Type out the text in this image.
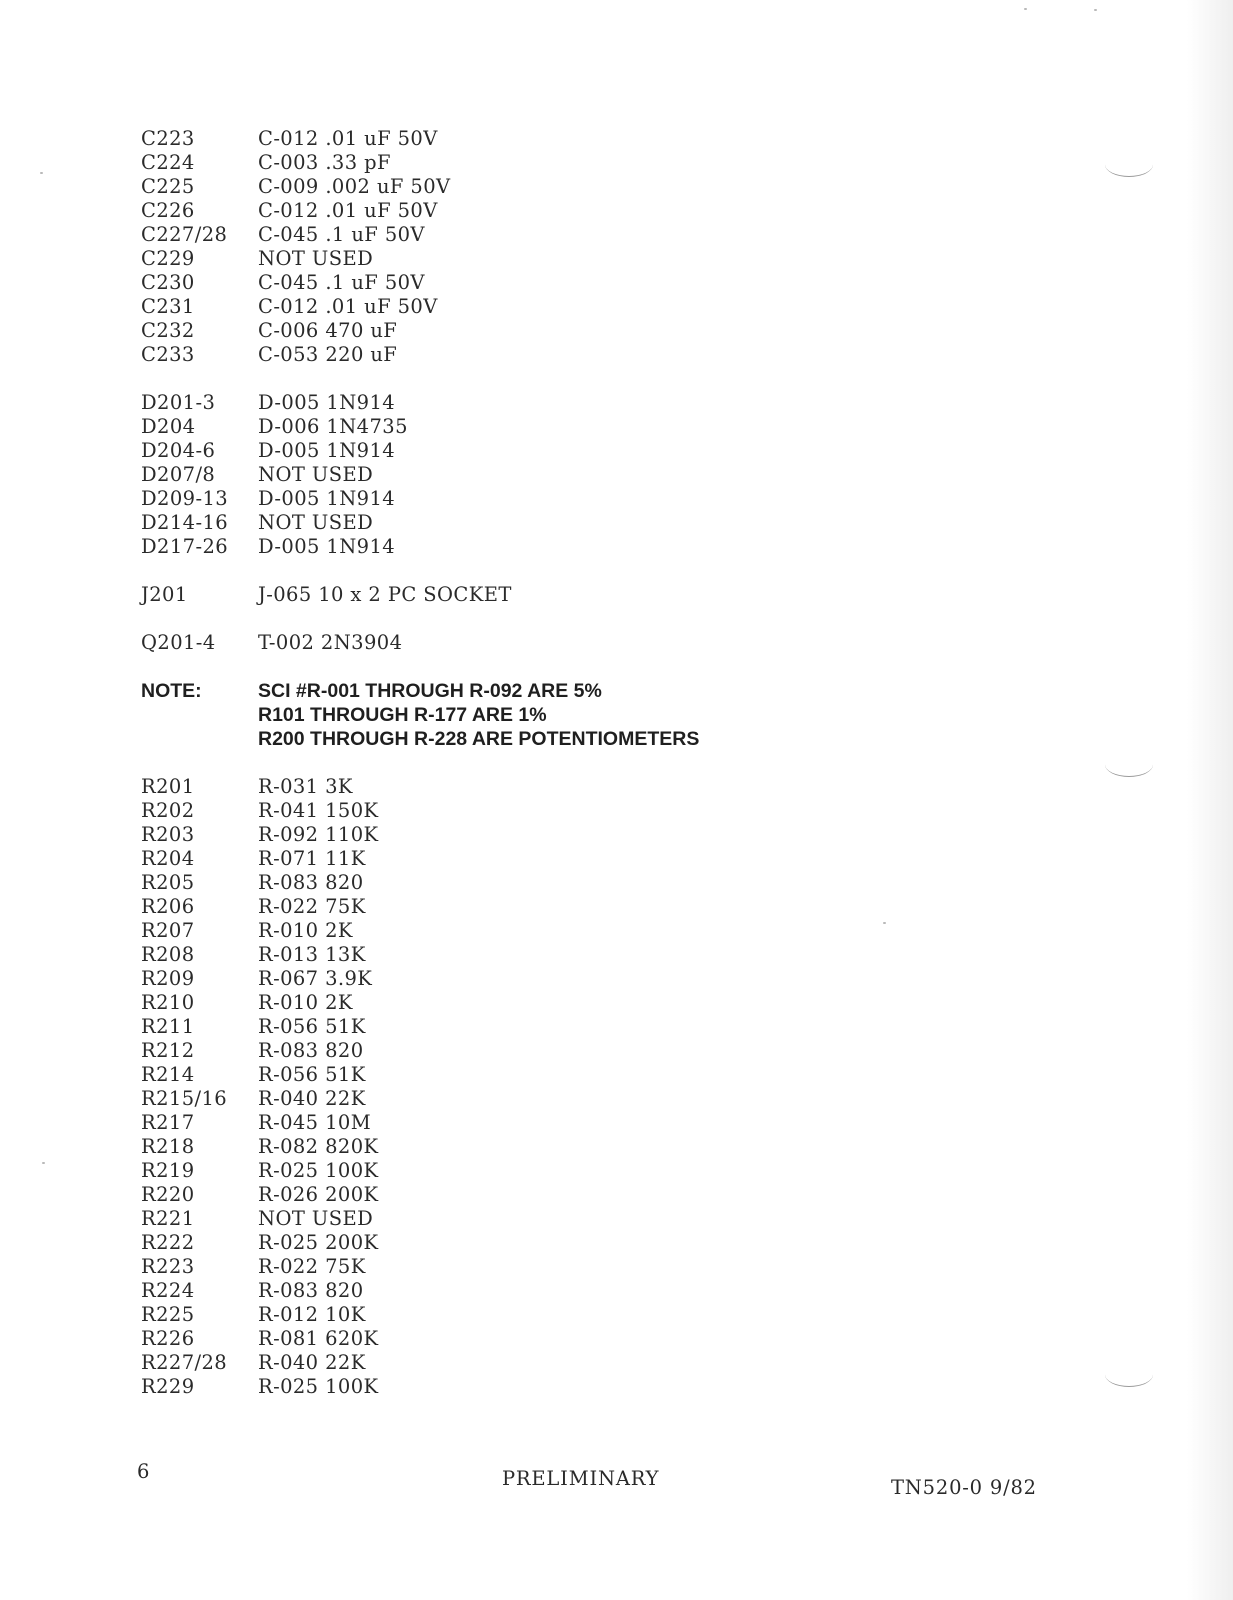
C223	C-012 .01 uF 50V
C224	C-003 .33 pF
C225	C-009 .002 uF 50V
C226	C-012 .01 uF 50V
C227/28	C-045 .1 uF 50V
C229	NOT USED
C230	C-045 .1 uF 50V
C231	C-012 .01 uF 50V
C232	C-006 470 uF
C233	C-053 220 uF
D201-3	D-005 1N914
D204	D-006 1N4735
D204-6	D-005 1N914
D207/8	NOT USED
D209-13	D-005 1N914
D214-16	NOT USED
D217-26	D-005 1N914
J201	J-065 10 x 2 PC SOCKET
Q201-4	T-002 2N3904
NOTE:	SCI #R-001 THROUGH R-092 ARE 5%
R101 THROUGH R-177 ARE 1%
R200 THROUGH R-228 ARE POTENTIOMETERS
R201	R-031 3K
R202	R-041 150K
R203	R-092 110K
R204	R-071 11K
R205	R-083 820
R206	R-022 75K
R207	R-010 2K
R208	R-013 13K
R209	R-067 3.9K
R210	R-010 2K
R211	R-056 51K
R212	R-083 820
R214	R-056 51K
R215/16	R-040 22K
R217	R-045 10M
R218	R-082 820K
R219	R-025 100K
R220	R-026 200K
R221	NOT USED
R222	R-025 200K
R223	R-022 75K
R224	R-083 820
R225	R-012 10K
R226	R-081 620K
R227/28	R-040 22K
R229	R-025 100K
6	PRELIMINARY	TN520-0 9/82
